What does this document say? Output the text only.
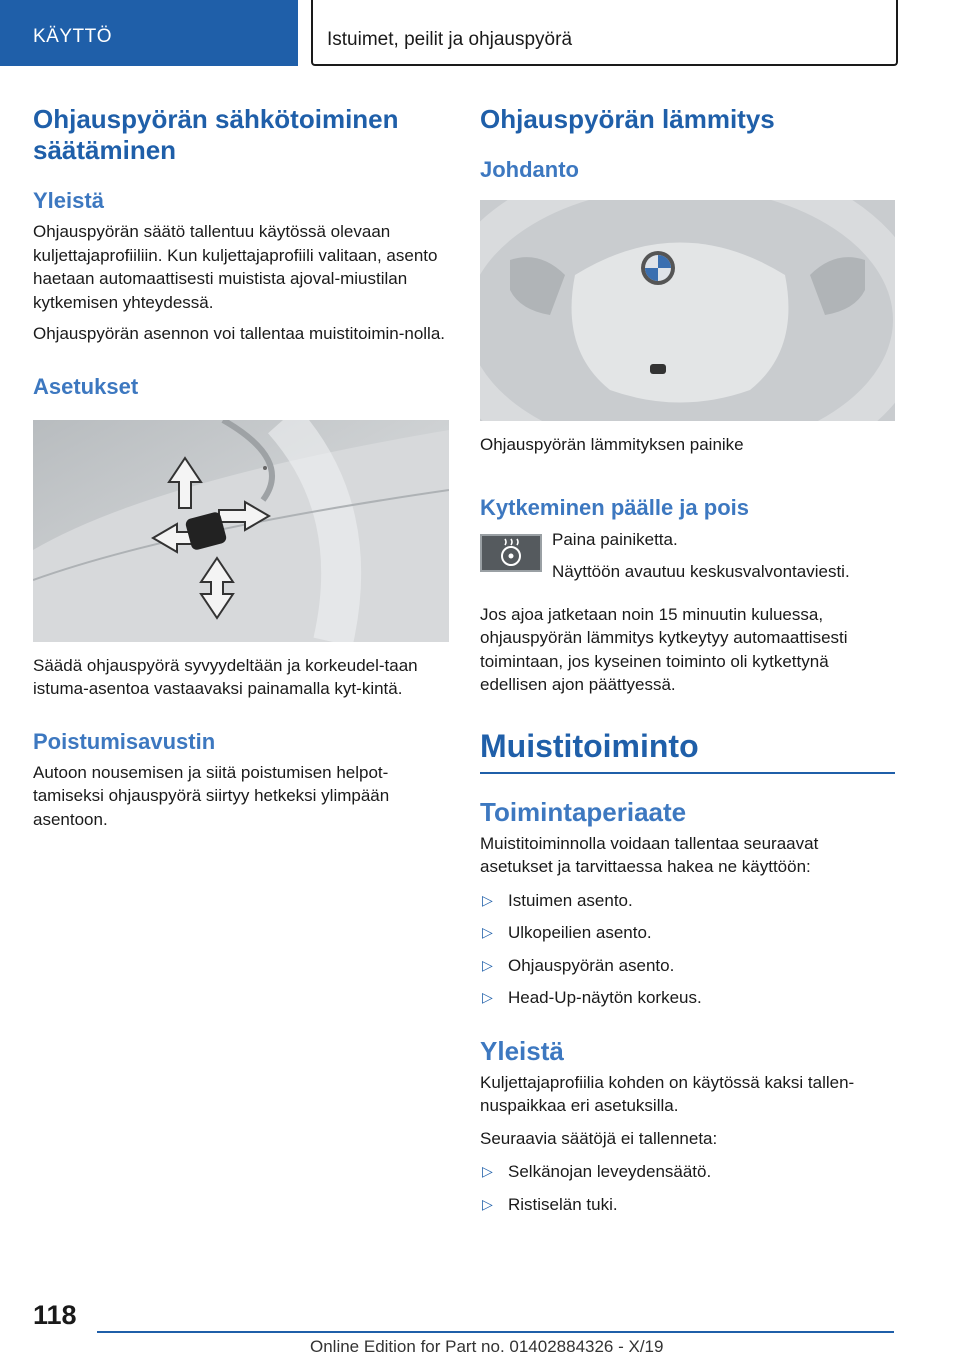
KÄYTTÖ	Istuimet, peilit ja ohjauspyörä
Ohjauspyörän sähkötoiminen säätäminen
Yleistä

Ohjauspyörän säätö tallentuu käytössä olevaan kuljettajaprofiiliin. Kun kuljettajaprofiili valitaan, asento haetaan automaattisesti muistista ajoval-miustilan kytkemisen yhteydessä.

Ohjauspyörän asennon voi tallentaa muistitoimin-nolla.

Asetukset

Säädä ohjauspyörä syvyydeltään ja korkeudel-taan istuma-asentoa vastaavaksi painamalla kyt-kintä.

Poistumisavustin

Autoon nousemisen ja siitä poistumisen helpot-tamiseksi ohjauspyörä siirtyy hetkeksi ylimpään asentoon.

Ohjauspyörän lämmitys
Johdanto

Ohjauspyörän lämmityksen painike

Kytkeminen päälle ja pois

Paina painiketta.

Näyttöön avautuu keskusvalvontaviesti.

Jos ajoa jatketaan noin 15 minuutin kuluessa, ohjauspyörän lämmitys kytkeytyy automaattisesti toimintaan, jos kyseinen toiminto oli kytkettynä edellisen ajon päättyessä.

Muistitoiminto
Toimintaperiaate

Muistitoiminnolla voidaan tallentaa seuraavat asetukset ja tarvittaessa hakea ne käyttöön:

▷ Istuimen asento.
▷ Ulkopeilien asento.
▷ Ohjauspyörän asento.
▷ Head-Up-näytön korkeus.
Yleistä

Kuljettajaprofiilia kohden on käytössä kaksi tallen-nuspaikkaa eri asetuksilla.

Seuraavia säätöjä ei tallenneta:

▷ Selkänojan leveydensäätö.
▷ Ristiselän tuki.
118
Online Edition for Part no. 01402884326 - X/19
